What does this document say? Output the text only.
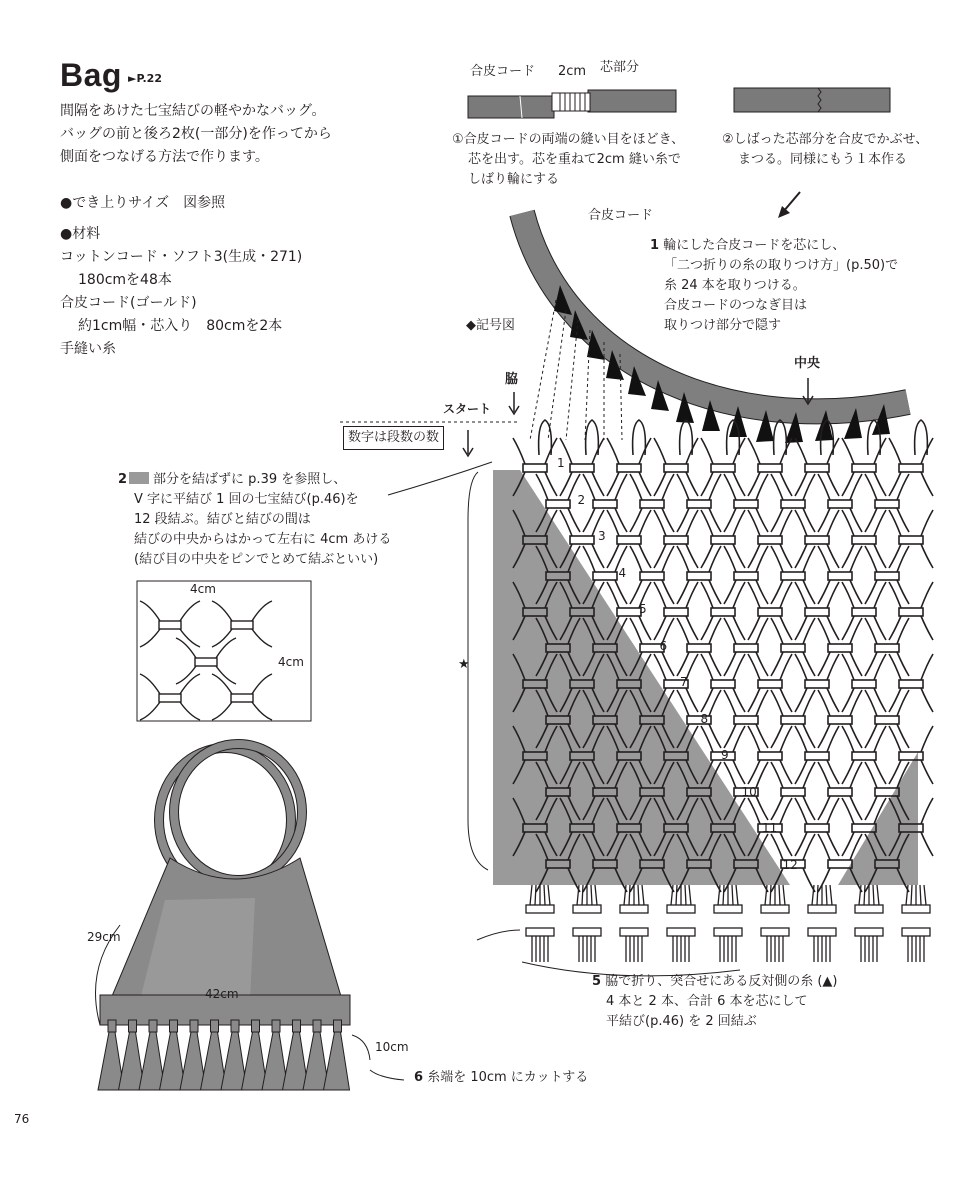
Bag ►P.22
間隔をあけた七宝結びの軽やかなバッグ。
バッグの前と後ろ2枚(一部分)を作ってから
側面をつなげる方法で作ります。
●でき上りサイズ　図参照
●材料
コットンコード・ソフト3(生成・271)
180cmを48本
合皮コード(ゴールド)
約1cm幅・芯入り　80cmを2本
手縫い糸
合皮コード 2cm 芯部分
①合皮コードの両端の縫い目をほどき、
芯を出す。芯を重ねて2cm 縫い糸で
しばり輪にする
②しばった芯部分を合皮でかぶせ、
まつる。同様にもう１本作る
合皮コード
1 輪にした合皮コードを芯にし、
「二つ折りの糸の取りつけ方」(p.50)で
糸 24 本を取りつける。
合皮コードのつなぎ目は
取りつけ部分で隠す
◆記号図
中央
脇
スタート
数字は段数の数
1
2
3
4
5
6
7
8
9
10
11
12
2 部分を結ばずに p.39 を参照し、
V 字に平結び 1 回の七宝結び(p.46)を
12 段結ぶ。結びと結びの間は
結びの中央からはかって左右に 4cm あける
(結び目の中央をピンでとめて結ぶといい)
4cm
4cm	★
29cm
42cm
10cm
5 脇で折り、突合せにある反対側の糸 (▲)
4 本と 2 本、合計 6 本を芯にして
平結び(p.46) を 2 回結ぶ
6 糸端を 10cm にカットする
76
